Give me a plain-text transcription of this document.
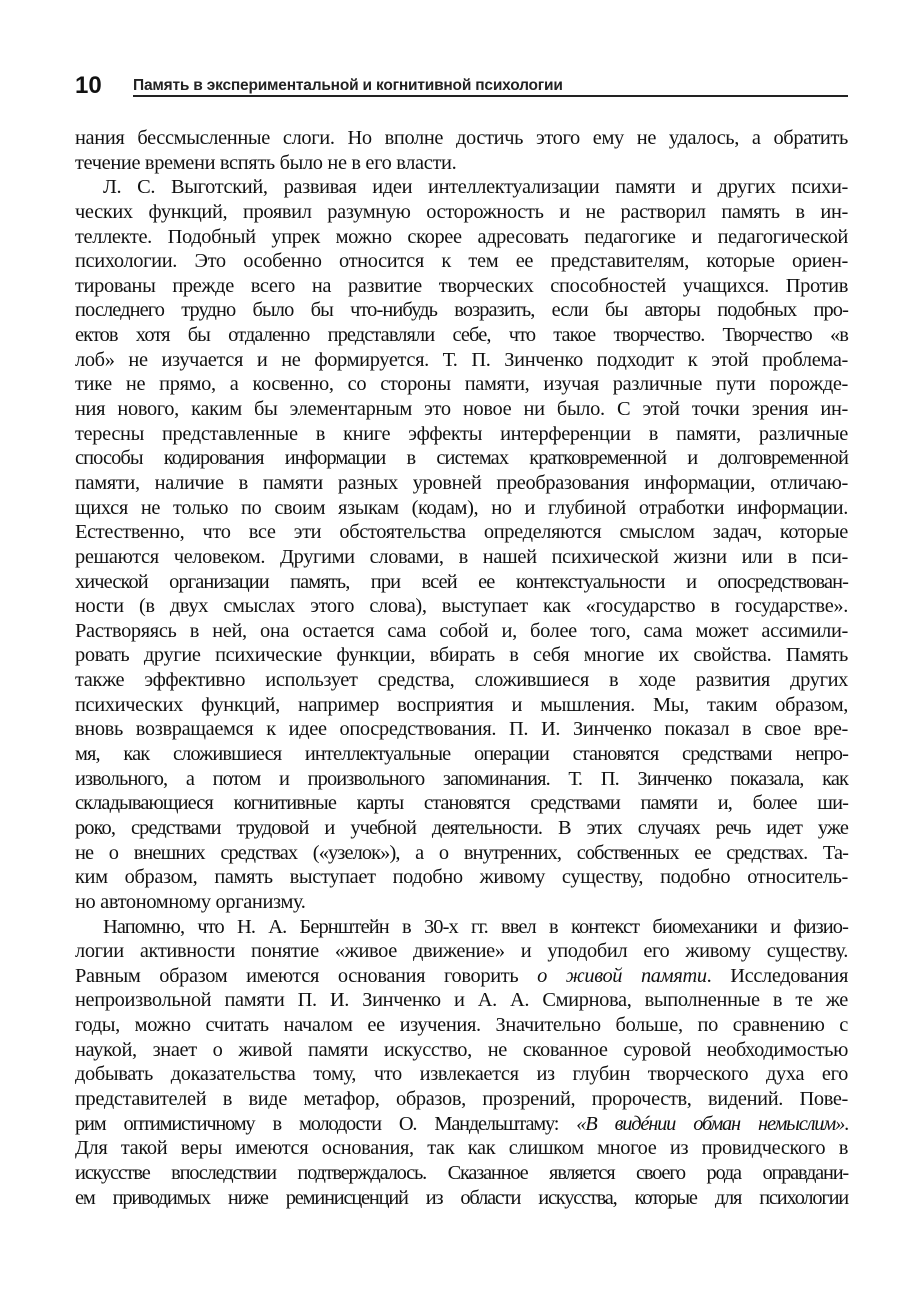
10 Память в экспериментальной и когнитивной психологии
нания бессмысленные слоги. Но вполне достичь этого ему не удалось, а обратить
течение времени вспять было не в его власти.
Л. С. Выготский, развивая идеи интеллектуализации памяти и других психи-
ческих функций, проявил разумную осторожность и не растворил память в ин-
теллекте. Подобный упрек можно скорее адресовать педагогике и педагогической
психологии. Это особенно относится к тем ее представителям, которые ориен-
тированы прежде всего на развитие творческих способностей учащихся. Против
последнего трудно было бы что-нибудь возразить, если бы авторы подобных про-
ектов хотя бы отдаленно представляли себе, что такое творчество. Творчество «в
лоб» не изучается и не формируется. Т. П. Зинченко подходит к этой проблема-
тике не прямо, а косвенно, со стороны памяти, изучая различные пути порожде-
ния нового, каким бы элементарным это новое ни было. С этой точки зрения ин-
тересны представленные в книге эффекты интерференции в памяти, различные
способы кодирования информации в системах кратковременной и долговременной
памяти, наличие в памяти разных уровней преобразования информации, отличаю-
щихся не только по своим языкам (кодам), но и глубиной отработки информации.
Естественно, что все эти обстоятельства определяются смыслом задач, которые
решаются человеком. Другими словами, в нашей психической жизни или в пси-
хической организации память, при всей ее контекстуальности и опосредствован-
ности (в двух смыслах этого слова), выступает как «государство в государстве».
Растворяясь в ней, она остается сама собой и, более того, сама может ассимили-
ровать другие психические функции, вбирать в себя многие их свойства. Память
также эффективно использует средства, сложившиеся в ходе развития других
психических функций, например восприятия и мышления. Мы, таким образом,
вновь возвращаемся к идее опосредствования. П. И. Зинченко показал в свое вре-
мя, как сложившиеся интеллектуальные операции становятся средствами непро-
извольного, а потом и произвольного запоминания. Т. П. Зинченко показала, как
складывающиеся когнитивные карты становятся средствами памяти и, более ши-
роко, средствами трудовой и учебной деятельности. В этих случаях речь идет уже
не о внешних средствах («узелок»), а о внутренних, собственных ее средствах. Та-
ким образом, память выступает подобно живому существу, подобно относитель-
но автономному организму.
Напомню, что Н. А. Бернштейн в 30-х гг. ввел в контекст биомеханики и физио-
логии активности понятие «живое движение» и уподобил его живому существу.
Равным образом имеются основания говорить о живой памяти. Исследования
непроизвольной памяти П. И. Зинченко и А. А. Смирнова, выполненные в те же
годы, можно считать началом ее изучения. Значительно больше, по сравнению с
наукой, знает о живой памяти искусство, не скованное суровой необходимостью
добывать доказательства тому, что извлекается из глубин творческого духа его
представителей в виде метафор, образов, прозрений, пророчеств, видений. Пове-
рим оптимистичному в молодости О. Мандельштаму: «В видéнии обман немыслим».
Для такой веры имеются основания, так как слишком многое из провидческого в
искусстве впоследствии подтверждалось. Сказанное является своего рода оправдани-
ем приводимых ниже реминисценций из области искусства, которые для психологии
